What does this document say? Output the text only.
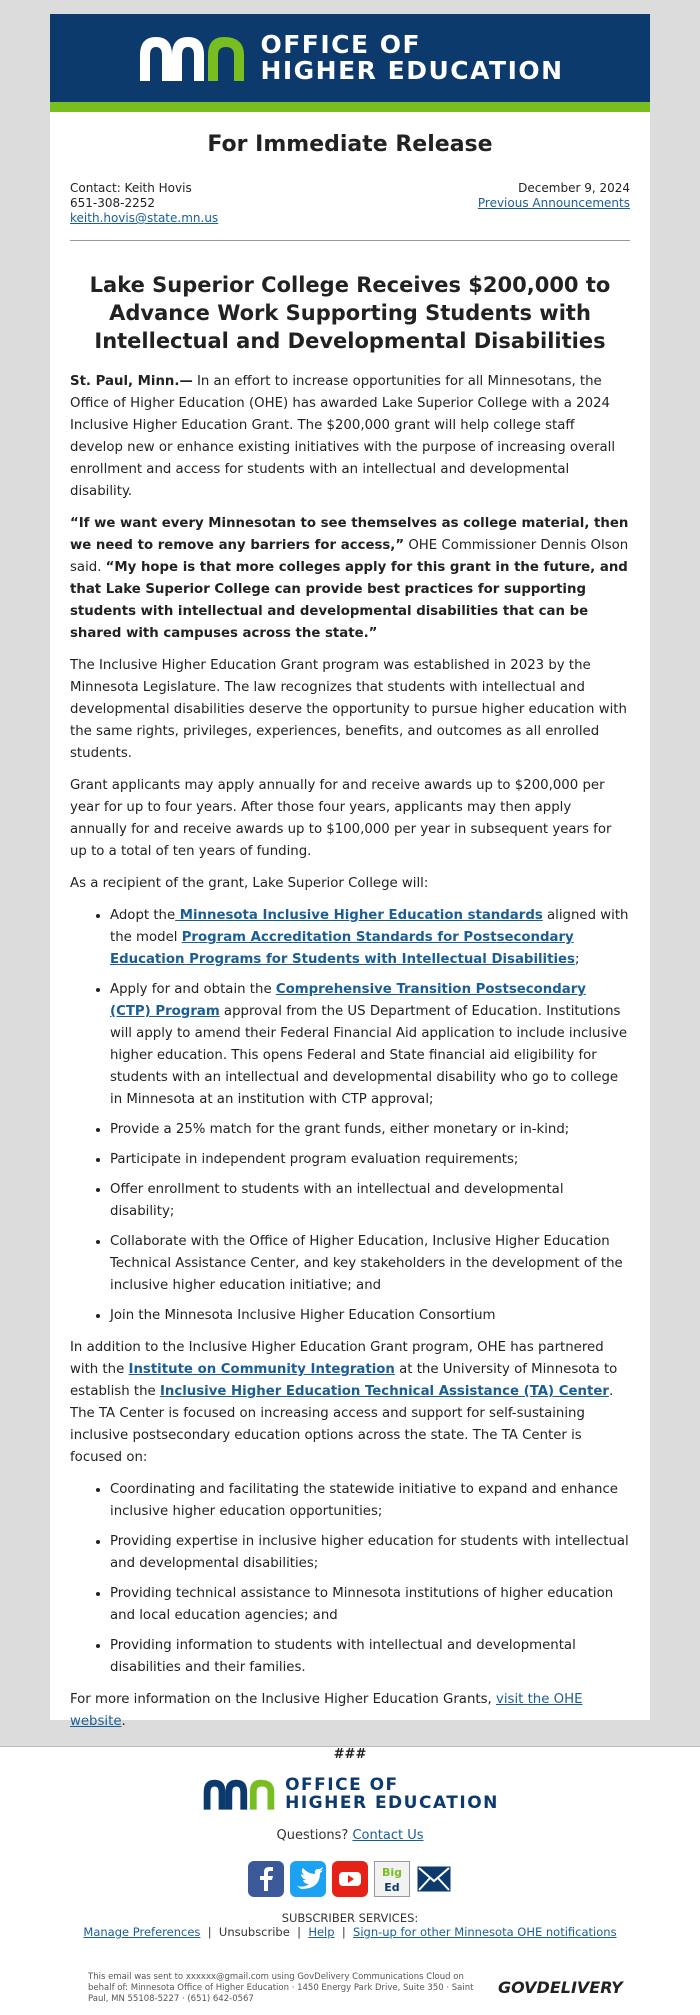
OFFICE OF
HIGHER EDUCATION
For Immediate Release
Contact: Keith Hovis
651-308-2252
keith.hovis@state.mn.us
December 9, 2024
Previous Announcements
Lake Superior College Receives $200,000 to Advance Work Supporting Students with Intellectual and Developmental Disabilities

St. Paul, Minn.— In an effort to increase opportunities for all Minnesotans, the Office of Higher Education (OHE) has awarded Lake Superior College with a 2024 Inclusive Higher Education Grant. The $200,000 grant will help college staff develop new or enhance existing initiatives with the purpose of increasing overall enrollment and access for students with an intellectual and developmental disability.

“If we want every Minnesotan to see themselves as college material, then we need to remove any barriers for access,” OHE Commissioner Dennis Olson said. “My hope is that more colleges apply for this grant in the future, and that Lake Superior College can provide best practices for supporting students with intellectual and developmental disabilities that can be shared with campuses across the state.”

The Inclusive Higher Education Grant program was established in 2023 by the Minnesota Legislature. The law recognizes that students with intellectual and developmental disabilities deserve the opportunity to pursue higher education with the same rights, privileges, experiences, benefits, and outcomes as all enrolled students.

Grant applicants may apply annually for and receive awards up to $200,000 per year for up to four years. After those four years, applicants may then apply annually for and receive awards up to $100,000 per year in subsequent years for up to a total of ten years of funding.

As a recipient of the grant, Lake Superior College will:

• Adopt the Minnesota Inclusive Higher Education standards aligned with the model Program Accreditation Standards for Postsecondary Education Programs for Students with Intellectual Disabilities;
• Apply for and obtain the Comprehensive Transition Postsecondary (CTP) Program approval from the US Department of Education. Institutions will apply to amend their Federal Financial Aid application to include inclusive higher education. This opens Federal and State financial aid eligibility for students with an intellectual and developmental disability who go to college in Minnesota at an institution with CTP approval;
• Provide a 25% match for the grant funds, either monetary or in-kind;
• Participate in independent program evaluation requirements;
• Offer enrollment to students with an intellectual and developmental disability;
• Collaborate with the Office of Higher Education, Inclusive Higher Education Technical Assistance Center, and key stakeholders in the development of the inclusive higher education initiative; and
• Join the Minnesota Inclusive Higher Education Consortium

In addition to the Inclusive Higher Education Grant program, OHE has partnered with the Institute on Community Integration at the University of Minnesota to establish the Inclusive Higher Education Technical Assistance (TA) Center. The TA Center is focused on increasing access and support for self-sustaining inclusive postsecondary education options across the state. The TA Center is focused on:

• Coordinating and facilitating the statewide initiative to expand and enhance inclusive higher education opportunities;
• Providing expertise in inclusive higher education for students with intellectual and developmental disabilities;
• Providing technical assistance to Minnesota institutions of higher education and local education agencies; and
• Providing information to students with intellectual and developmental disabilities and their families.

For more information on the Inclusive Higher Education Grants, visit the OHE website.

###
OFFICE OF
HIGHER EDUCATION
Questions? Contact Us
Big
Ed
SUBSCRIBER SERVICES:
Manage Preferences | Unsubscribe | Help | Sign-up for other Minnesota OHE notifications
This email was sent to xxxxxx@gmail.com using GovDelivery Communications Cloud on behalf of: Minnesota Office of Higher Education · 1450 Energy Park Drive, Suite 350 · Saint Paul, MN 55108-5227 · (651) 642-0567
GOVDELIVERY
